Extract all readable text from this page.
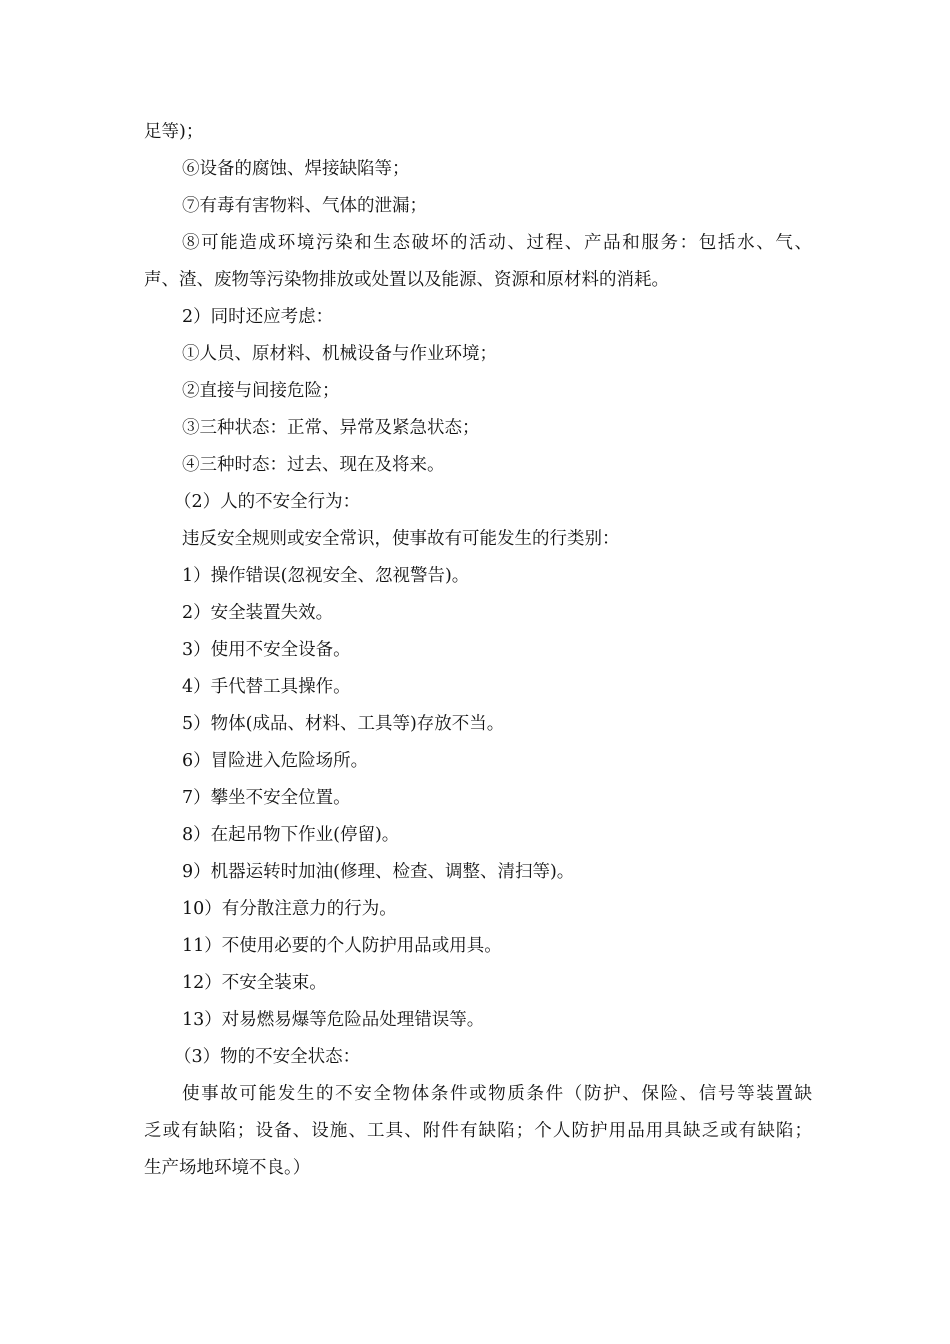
足等)；
⑥设备的腐蚀、焊接缺陷等；
⑦有毒有害物料、气体的泄漏；
⑧可能造成环境污染和生态破坏的活动、过程、产品和服务：包括水、气、
声、渣、废物等污染物排放或处置以及能源、资源和原材料的消耗。
2）同时还应考虑：
①人员、原材料、机械设备与作业环境；
②直接与间接危险；
③三种状态：正常、异常及紧急状态；
④三种时态：过去、现在及将来。
（2）人的不安全行为：
违反安全规则或安全常识，使事故有可能发生的行类别：
1）操作错误(忽视安全、忽视警告)。
2）安全装置失效。
3）使用不安全设备。
4）手代替工具操作。
5）物体(成品、材料、工具等)存放不当。
6）冒险进入危险场所。
7）攀坐不安全位置。
8）在起吊物下作业(停留)。
9）机器运转时加油(修理、检查、调整、清扫等)。
10）有分散注意力的行为。
11）不使用必要的个人防护用品或用具。
12）不安全装束。
13）对易燃易爆等危险品处理错误等。
（3）物的不安全状态：
使事故可能发生的不安全物体条件或物质条件（防护、保险、信号等装置缺
乏或有缺陷；设备、设施、工具、附件有缺陷；个人防护用品用具缺乏或有缺陷；
生产场地环境不良。）
